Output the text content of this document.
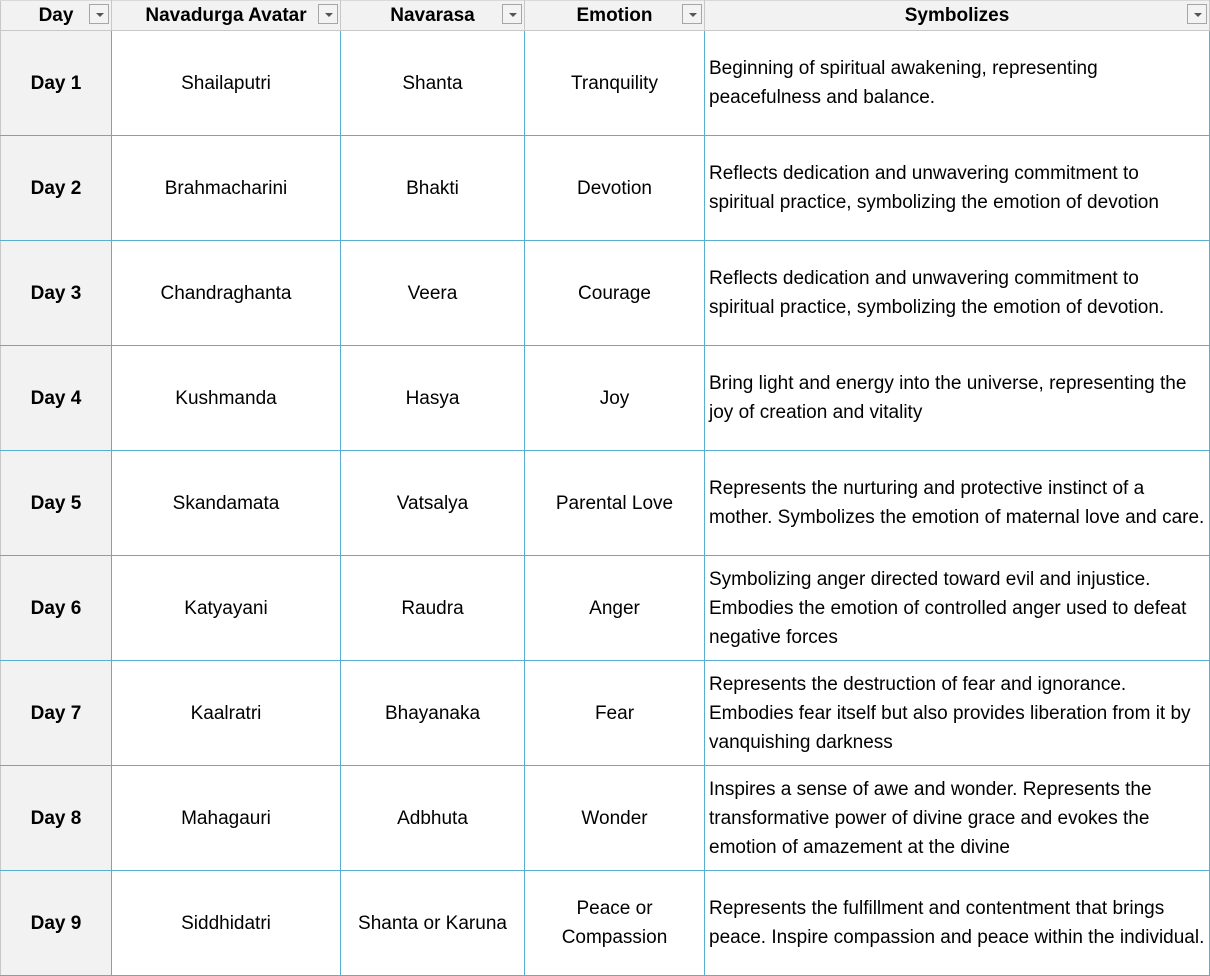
Day	Navadurga Avatar	Navarasa	Emotion	Symbolizes

Day 1	Shailaputri	Shanta	Tranquility	Beginning of spiritual awakening, representing peacefulness and balance.
Day 2	Brahmacharini	Bhakti	Devotion	Reflects dedication and unwavering commitment to spiritual practice, symbolizing the emotion of devotion
Day 3	Chandraghanta	Veera	Courage	Reflects dedication and unwavering commitment to spiritual practice, symbolizing the emotion of devotion.
Day 4	Kushmanda	Hasya	Joy	Bring light and energy into the universe, representing the joy of creation and vitality
Day 5	Skandamata	Vatsalya	Parental Love	Represents the nurturing and protective instinct of a mother. Symbolizes the emotion of maternal love and care.
Day 6	Katyayani	Raudra	Anger	Symbolizing anger directed toward evil and injustice. Embodies the emotion of controlled anger used to defeat negative forces
Day 7	Kaalratri	Bhayanaka	Fear	Represents the destruction of fear and ignorance. Embodies fear itself but also provides liberation from it by vanquishing darkness
Day 8	Mahagauri	Adbhuta	Wonder	Inspires a sense of awe and wonder. Represents the transformative power of divine grace and evokes the emotion of amazement at the divine
Day 9	Siddhidatri	Shanta or Karuna	Peace or Compassion	Represents the fulfillment and contentment that brings peace. Inspire compassion and peace within the individual.
